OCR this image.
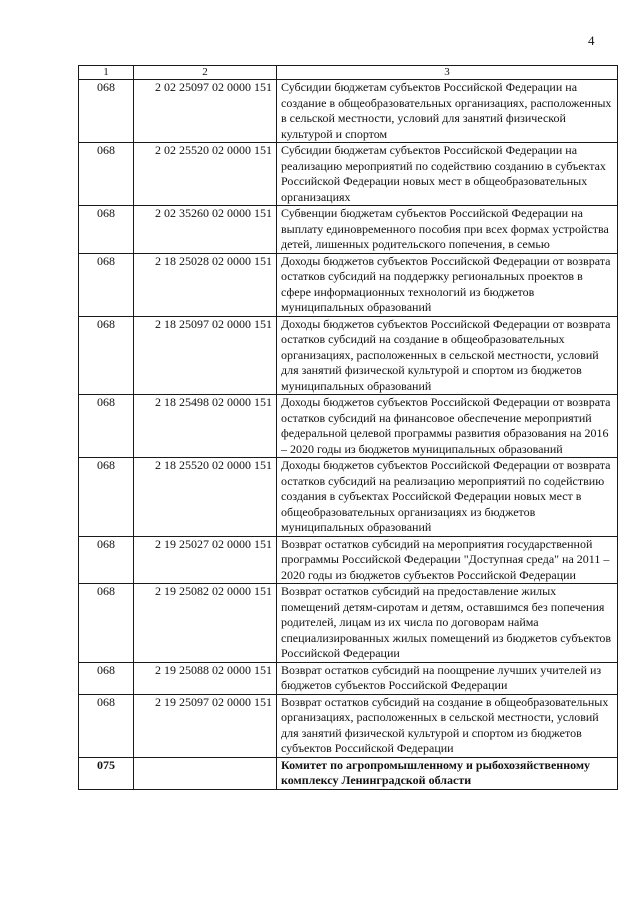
4
1	2	3
068	2 02 25097 02 0000 151	Субсидии бюджетам субъектов Российской Федерации на создание в общеобразовательных организациях, расположенных в сельской местности, условий для занятий физической культурой и спортом
068	2 02 25520 02 0000 151	Субсидии бюджетам субъектов Российской Федерации на реализацию мероприятий по содействию созданию в субъектах Российской Федерации новых мест в общеобразовательных организациях
068	2 02 35260 02 0000 151	Субвенции бюджетам субъектов Российской Федерации на выплату единовременного пособия при всех формах устройства детей, лишенных родительского попечения, в семью
068	2 18 25028 02 0000 151	Доходы бюджетов субъектов Российской Федерации от возврата остатков субсидий на поддержку региональных проектов в сфере информационных технологий из бюджетов муниципальных образований
068	2 18 25097 02 0000 151	Доходы бюджетов субъектов Российской Федерации от возврата остатков субсидий на создание в общеобразовательных организациях, расположенных в сельской местности, условий для занятий физической культурой и спортом из бюджетов муниципальных образований
068	2 18 25498 02 0000 151	Доходы бюджетов субъектов Российской Федерации от возврата остатков субсидий на финансовое обеспечение мероприятий федеральной целевой программы развития образования на 2016 – 2020 годы из бюджетов муниципальных образований
068	2 18 25520 02 0000 151	Доходы бюджетов субъектов Российской Федерации от возврата остатков субсидий на реализацию мероприятий по содействию создания в субъектах Российской Федерации новых мест в общеобразовательных организациях из бюджетов муниципальных образований
068	2 19 25027 02 0000 151	Возврат остатков субсидий на мероприятия государственной программы Российской Федерации "Доступная среда" на 2011 – 2020 годы из бюджетов субъектов Российской Федерации
068	2 19 25082 02 0000 151	Возврат остатков субсидий на предоставление жилых помещений детям-сиротам и детям, оставшимся без попечения родителей, лицам из их числа по договорам найма специализированных жилых помещений из бюджетов субъектов Российской Федерации
068	2 19 25088 02 0000 151	Возврат остатков субсидий на поощрение лучших учителей из бюджетов субъектов Российской Федерации
068	2 19 25097 02 0000 151	Возврат остатков субсидий на создание в общеобразовательных организациях, расположенных в сельской местности, условий для занятий физической культурой и спортом из бюджетов субъектов Российской Федерации
075		Комитет по агропромышленному и рыбохозяйственному комплексу Ленинградской области
